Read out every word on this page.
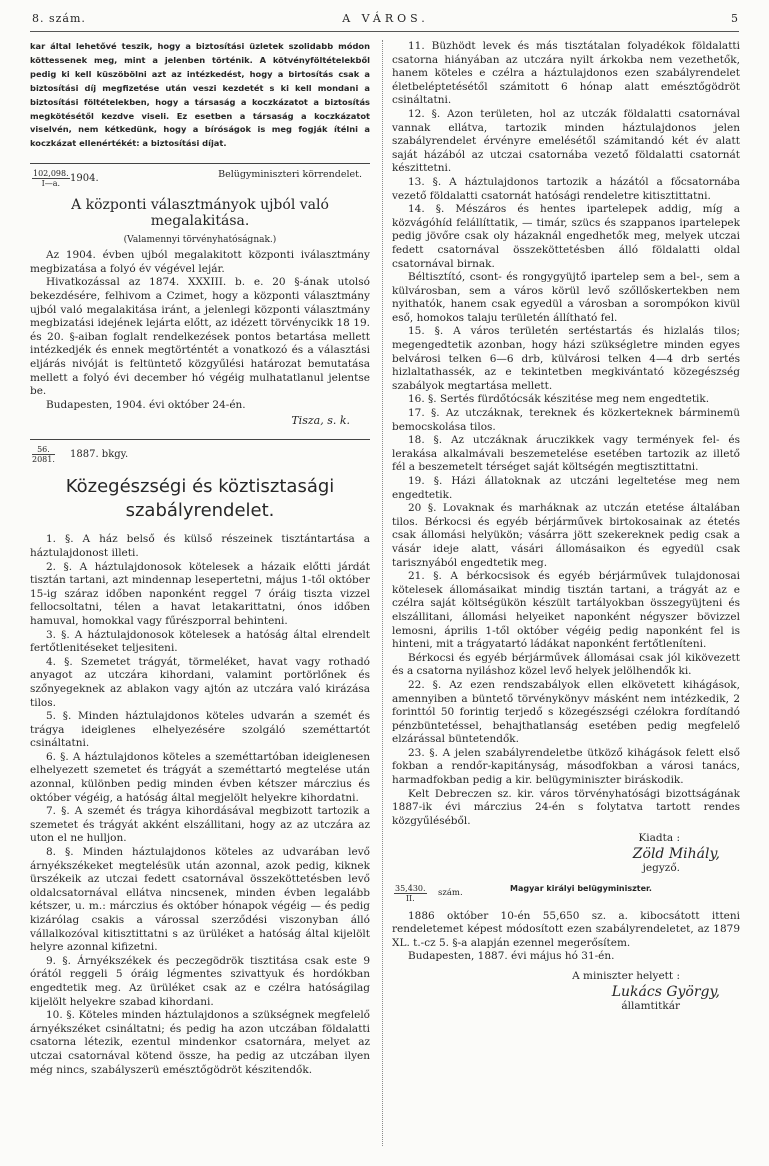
8. szám.	A VÁROS.	5

kar által lehetővé teszik, hogy a biztosítási üzletek szolidabb módon köttessenek meg, mint a jelenben történik. A kötvényföltételekből pedig ki kell küszöbölni azt az intézkedést, hogy a birtosítás csak a biztosítási díj megfizetése után veszi kezdetét s ki kell mondani a biztosítási föltételekben, hogy a társaság a koczkázatot a biztosítás megkötésétől kezdve viseli. Ez esetben a társaság a koczkázatot viselvén, nem kétkedünk, hogy a bíróságok is meg fogják ítélni a koczkázat ellenértékét: a biztosítási díjat.

$\frac{102,098.}{I—a.} 1904$.	Belügyminiszteri körrendelet.
A központi választmányok ujból való megalakitása.
(Valamennyi törvényhatóságnak.)

Az 1904. évben ujból megalakitott központi iválasztmány megbizatása a folyó év végével lejár.

Hivatkozással az 1874. XXXIII. b. e. 20 §-ának utolsó bekezdésére, felhivom a Czimet, hogy a központi választmány ujból való megalakitása iránt, a jelenlegi központi választmány megbizatási idejének lejárta előtt, az idézett törvénycikk 18 19. és 20. §-aiban foglalt rendelkezések pontos betartása mellett intézkedjék és ennek megtörténtét a vonatkozó és a választási eljárás nivóját is feltüntető közgyűlési határozat bemutatása mellett a folyó évi december hó végéig mulhatatlanul jelentse be.

Budapesten, 1904. évi október 24-én.

Tisza, s. k.
$\frac{56.}{2081.} 1887$. bkgy.
Közegészségi és köztisztasági
szabályrendelet.

1. §. A ház belső és külső részeinek tisztántartása a háztulajdonost illeti.

2. §. A háztulajdonosok kötelesek a házaik előtti járdát tisztán tartani, azt mindennap lesepertetni, május 1-től október 15-ig száraz időben naponként reggel 7 óráig tiszta vizzel fellocsoltatni, télen a havat letakarittatni, ónos időben hamuval, homokkal vagy fűrészporral behinteni.

3. §. A háztulajdonosok kötelesek a hatóság által elrendelt fertőtlenitéseket teljesiteni.

4. §. Szemetet trágyát, törmeléket, havat vagy rothadó anyagot az utczára kihordani, valamint portörlőnek és szőnyegeknek az ablakon vagy ajtón az utczára való kirázása tilos.

5. §. Minden háztulajdonos köteles udvarán a szemét és trágya ideiglenes elhelyezésére szolgáló szeméttartót csináltatni.

6. §. A háztulajdonos köteles a szeméttartóban ideiglenesen elhelyezett szemetet és trágyát a szeméttartó megtelése után azonnal, különben pedig minden évben kétszer márczius és október végéig, a hatóság által megjelölt helyekre kihordatni.

7. §. A szemét és trágya kihordásával megbizott tartozik a szemetet és trágyát akként elszállitani, hogy az az utczára az uton el ne hulljon.

8. §. Minden háztulajdonos köteles az udvarában levő árnyékszékeket megtelésük után azonnal, azok pedig, kiknek ürszékeik az utczai fedett csatornával összeköttetésben levő oldalcsatornával ellátva nincsenek, minden évben legalább kétszer, u. m.: márczius és október hónapok végéig — és pedig kizárólag csakis a várossal szerződési viszonyban álló vállalkozóval kitisztittatni s az ürüléket a hatóság által kijelölt helyre azonnal kifizetni.

9. §. Árnyékszékek és peczegödrök tisztitása csak este 9 órától reggeli 5 óráig légmentes szivattyuk és hordókban engedtetik meg. Az ürüléket csak az e czélra hatóságilag kijelölt helyekre szabad kihordani.

10. §. Köteles minden háztulajdonos a szükségnek megfelelő árnyékszéket csináltatni; és pedig ha azon utczában földalatti csatorna létezik, ezentul mindenkor csatornára, melyet az utczai csatornával kötend össze, ha pedig az utczában ilyen még nincs, szabályszerü emésztőgödröt készitendők.

11. Büzhödt levek és más tisztátalan folyadékok földalatti csatorna hiányában az utczára nyilt árkokba nem vezethetők, hanem köteles e czélra a háztulajdonos ezen szabályrendelet életbeléptetésétől számitott 6 hónap alatt emésztőgödröt csináltatni.

12. §. Azon területen, hol az utczák földalatti csatornával vannak ellátva, tartozik minden háztulajdonos jelen szabályrendelet érvényre emelésétől számitandó két év alatt saját házából az utczai csatornába vezető földalatti csatornát készittetni.

13. §. A háztulajdonos tartozik a házától a főcsatornába vezető földalatti csatornát hatósági rendeletre kitisztittatni.

14. §. Mészáros és hentes ipartelepek addig, míg a közvágóhíd felállíttatik, — timár, szücs és szappanos ipartelepek pedig jövőre csak oly házaknál engedhetők meg, melyek utczai fedett csatornával összeköttetésben álló földalatti oldal csatornával birnak.

Béltisztító, csont- és rongygyüjtő ipartelep sem a bel-, sem a külvárosban, sem a város körül levő szőllőskertekben nem nyithatók, hanem csak egyedül a városban a sorompókon kivül eső, homokos talaju területén állítható fel.

15. §. A város területén sertéstartás és hizlalás tilos; megengedtetik azonban, hogy házi szükségletre minden egyes belvárosi telken 6—6 drb, külvárosi telken 4—4 drb sertés hizlaltathassék, az e tekintetben megkivántató közegészség szabályok megtartása mellett.

16. §. Sertés fürdőtócsák készitése meg nem engedtetik.

17. §. Az utczáknak, tereknek és közkerteknek bárminemü bemocskolása tilos.

18. §. Az utczáknak áruczikkek vagy termények fel- és lerakása alkalmávali beszemetelése esetében tartozik az illető fél a beszemetelt térséget saját költségén megtisztittatni.

19. §. Házi állatoknak az utczáni legeltetése meg nem engedtetik.

20 §. Lovaknak és marháknak az utczán etetése általában tilos. Bérkocsi és egyéb bérjárművek birtokosainak az étetés csak állomási helyükön; vásárra jött szekereknek pedig csak a vásár ideje alatt, vásári állomásaikon és egyedül csak tarisznyából engedtetik meg.

21. §. A bérkocsisok és egyéb bérjárművek tulajdonosai kötelesek állomásaikat mindig tisztán tartani, a trágyát az e czélra saját költségükön készült tartályokban összegyüjteni és elszállitani, állomási helyeiket naponként négyszer bövizzel lemosni, április 1-től október végéig pedig naponként fel is hinteni, mit a trágyatartó ládákat naponként fertőtleníteni.

Bérkocsi és egyéb bérjárművek állomásai csak jól kikövezett és a csatorna nyiláshoz közel levő helyek jelölhendők ki.

22. §. Az ezen rendszabályok ellen elkövetett kihágások, amennyiben a büntető törvénykönyv másként nem intézkedik, 2 forinttól 50 forintig terjedő s közegészségi czélokra fordítandó pénzbüntetéssel, behajthatlanság esetében pedig megfelelő elzárással büntetendők.

23. §. A jelen szabályrendeletbe ütköző kihágások felett első fokban a rendőr-kapitányság, másodfokban a városi tanács, harmadfokban pedig a kir. belügyminiszter biráskodik.

Kelt Debreczen sz. kir. város törvényhatósági bizottságának 1887-ik évi márczius 24-én s folytatva tartott rendes közgyűléséből.

Kiadta :
Zöld Mihály,
jegyző.
$\frac{35,430.}{II.}$ szám.	Magyar királyi belügyminiszter.

1886 október 10-én 55,650 sz. a. kibocsátott itteni rendeletemet képest módosított ezen szabályrendeletet, az 1879 XL. t.-cz 5. §-a alapján ezennel megerősítem.

Budapesten, 1887. évi május hó 31-én.

A miniszter helyett :
Lukács György,
államtitkár
